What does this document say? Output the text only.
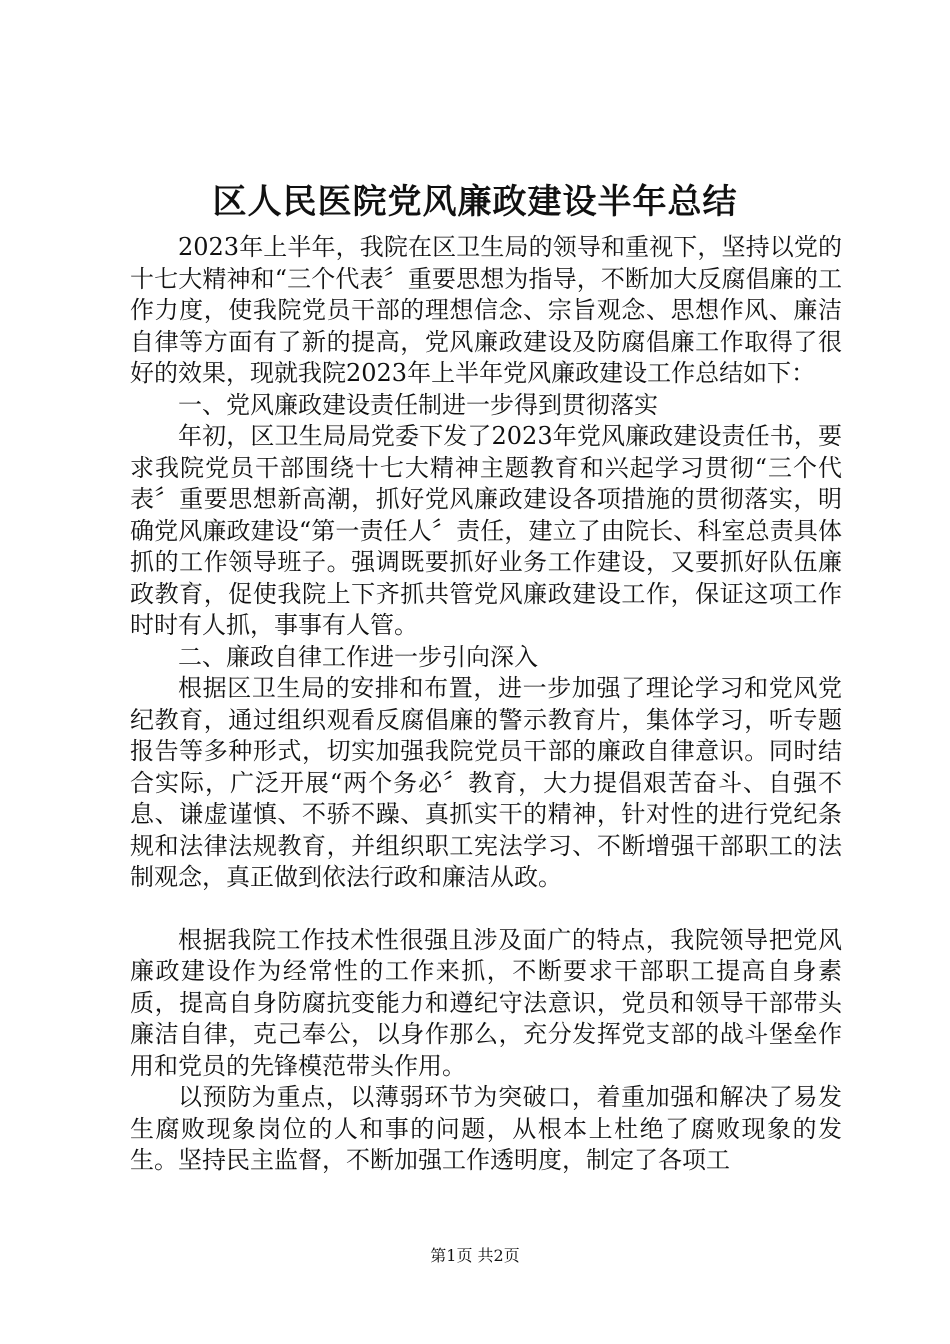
区人民医院党风廉政建设半年总结

2023年上半年，我院在区卫生局的领导和重视下，坚持以党的十七大精神和“三个代表〞重要思想为指导，不断加大反腐倡廉的工作力度，使我院党员干部的理想信念、宗旨观念、思想作风、廉洁自律等方面有了新的提高，党风廉政建设及防腐倡廉工作取得了很好的效果，现就我院2023年上半年党风廉政建设工作总结如下：

一、党风廉政建设责任制进一步得到贯彻落实

年初，区卫生局局党委下发了2023年党风廉政建设责任书，要求我院党员干部围绕十七大精神主题教育和兴起学习贯彻“三个代表〞重要思想新高潮，抓好党风廉政建设各项措施的贯彻落实，明确党风廉政建设“第一责任人〞责任，建立了由院长、科室总责具体抓的工作领导班子。强调既要抓好业务工作建设，又要抓好队伍廉政教育，促使我院上下齐抓共管党风廉政建设工作，保证这项工作时时有人抓，事事有人管。

二、廉政自律工作进一步引向深入

根据区卫生局的安排和布置，进一步加强了理论学习和党风党纪教育，通过组织观看反腐倡廉的警示教育片，集体学习，听专题报告等多种形式，切实加强我院党员干部的廉政自律意识。同时结合实际，广泛开展“两个务必〞教育，大力提倡艰苦奋斗、自强不息、谦虚谨慎、不骄不躁、真抓实干的精神，针对性的进行党纪条规和法律法规教育，并组织职工宪法学习、不断增强干部职工的法制观念，真正做到依法行政和廉洁从政。

根据我院工作技术性很强且涉及面广的特点，我院领导把党风廉政建设作为经常性的工作来抓，不断要求干部职工提高自身素质，提高自身防腐抗变能力和遵纪守法意识，党员和领导干部带头廉洁自律，克己奉公，以身作那么，充分发挥党支部的战斗堡垒作用和党员的先锋模范带头作用。

以预防为重点，以薄弱环节为突破口，着重加强和解决了易发生腐败现象岗位的人和事的问题，从根本上杜绝了腐败现象的发生。坚持民主监督，不断加强工作透明度，制定了各项工

第1页 共2页
